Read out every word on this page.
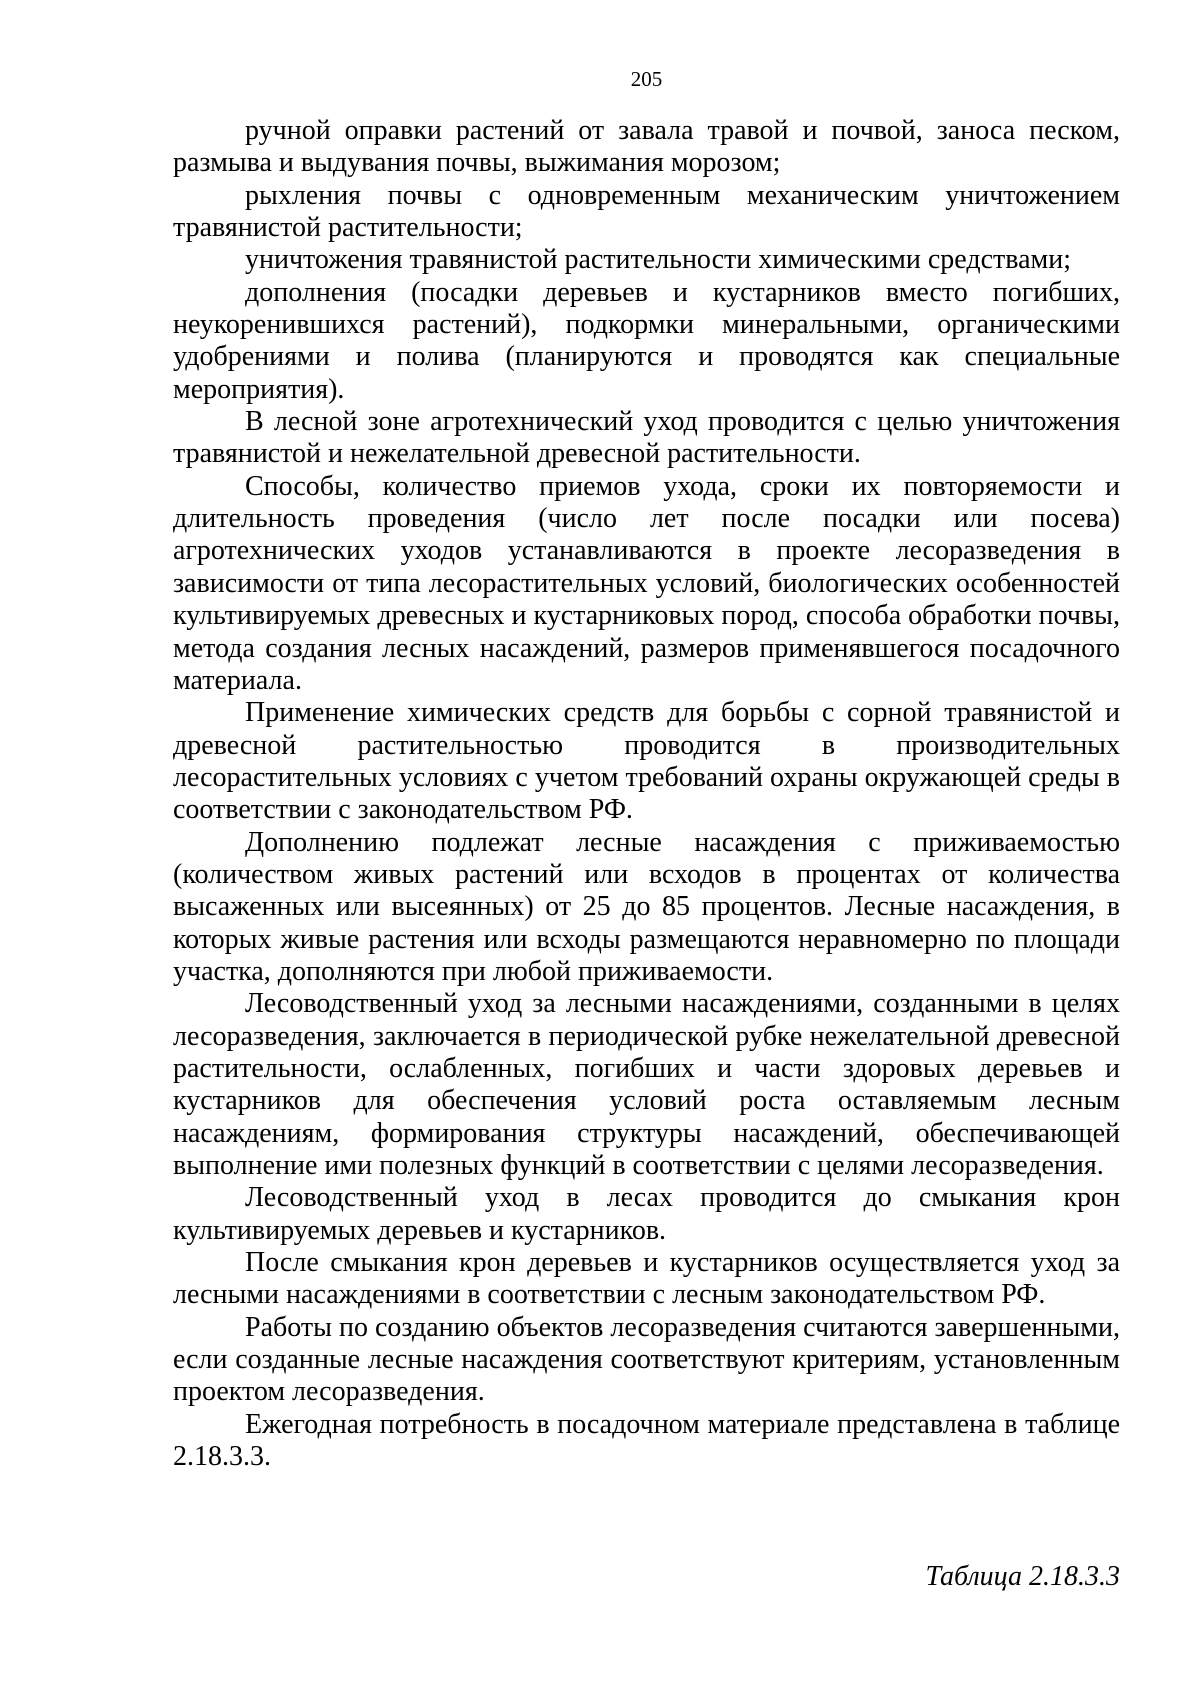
205

ручной оправки растений от завала травой и почвой, заноса песком, размыва и выдувания почвы, выжимания морозом;

рыхления почвы с одновременным механическим уничтожением травянистой растительности;

уничтожения травянистой растительности химическими средствами;

дополнения (посадки деревьев и кустарников вместо погибших, неукоренившихся растений), подкормки минеральными, органическими удобрениями и полива (планируются и проводятся как специальные мероприятия).

В лесной зоне агротехнический уход проводится с целью уничтожения травянистой и нежелательной древесной растительности.

Способы, количество приемов ухода, сроки их повторяемости и длительность проведения (число лет после посадки или посева) агротехнических уходов устанавливаются в проекте лесоразведения в зависимости от типа лесорастительных условий, биологических особенностей культивируемых древесных и кустарниковых пород, способа обработки почвы, метода создания лесных насаждений, размеров применявшегося посадочного материала.

Применение химических средств для борьбы с сорной травянистой и древесной растительностью проводится в производительных лесорастительных условиях с учетом требований охраны окружающей среды в соответствии с законодательством РФ.

Дополнению подлежат лесные насаждения с приживаемостью (количеством живых растений или всходов в процентах от количества высаженных или высеянных) от 25 до 85 процентов. Лесные насаждения, в которых живые растения или всходы размещаются неравномерно по площади участка, дополняются при любой приживаемости.

Лесоводственный уход за лесными насаждениями, созданными в целях лесоразведения, заключается в периодической рубке нежелательной древесной растительности, ослабленных, погибших и части здоровых деревьев и кустарников для обеспечения условий роста оставляемым лесным насаждениям, формирования структуры насаждений, обеспечивающей выполнение ими полезных функций в соответствии с целями лесоразведения.

Лесоводственный уход в лесах проводится до смыкания крон культивируемых деревьев и кустарников.

После смыкания крон деревьев и кустарников осуществляется уход за лесными насаждениями в соответствии с лесным законодательством РФ.

Работы по созданию объектов лесоразведения считаются завершенными, если созданные лесные насаждения соответствуют критериям, установленным проектом лесоразведения.

Ежегодная потребность в посадочном материале представлена в таблице 2.18.3.3.

Таблица 2.18.3.3
